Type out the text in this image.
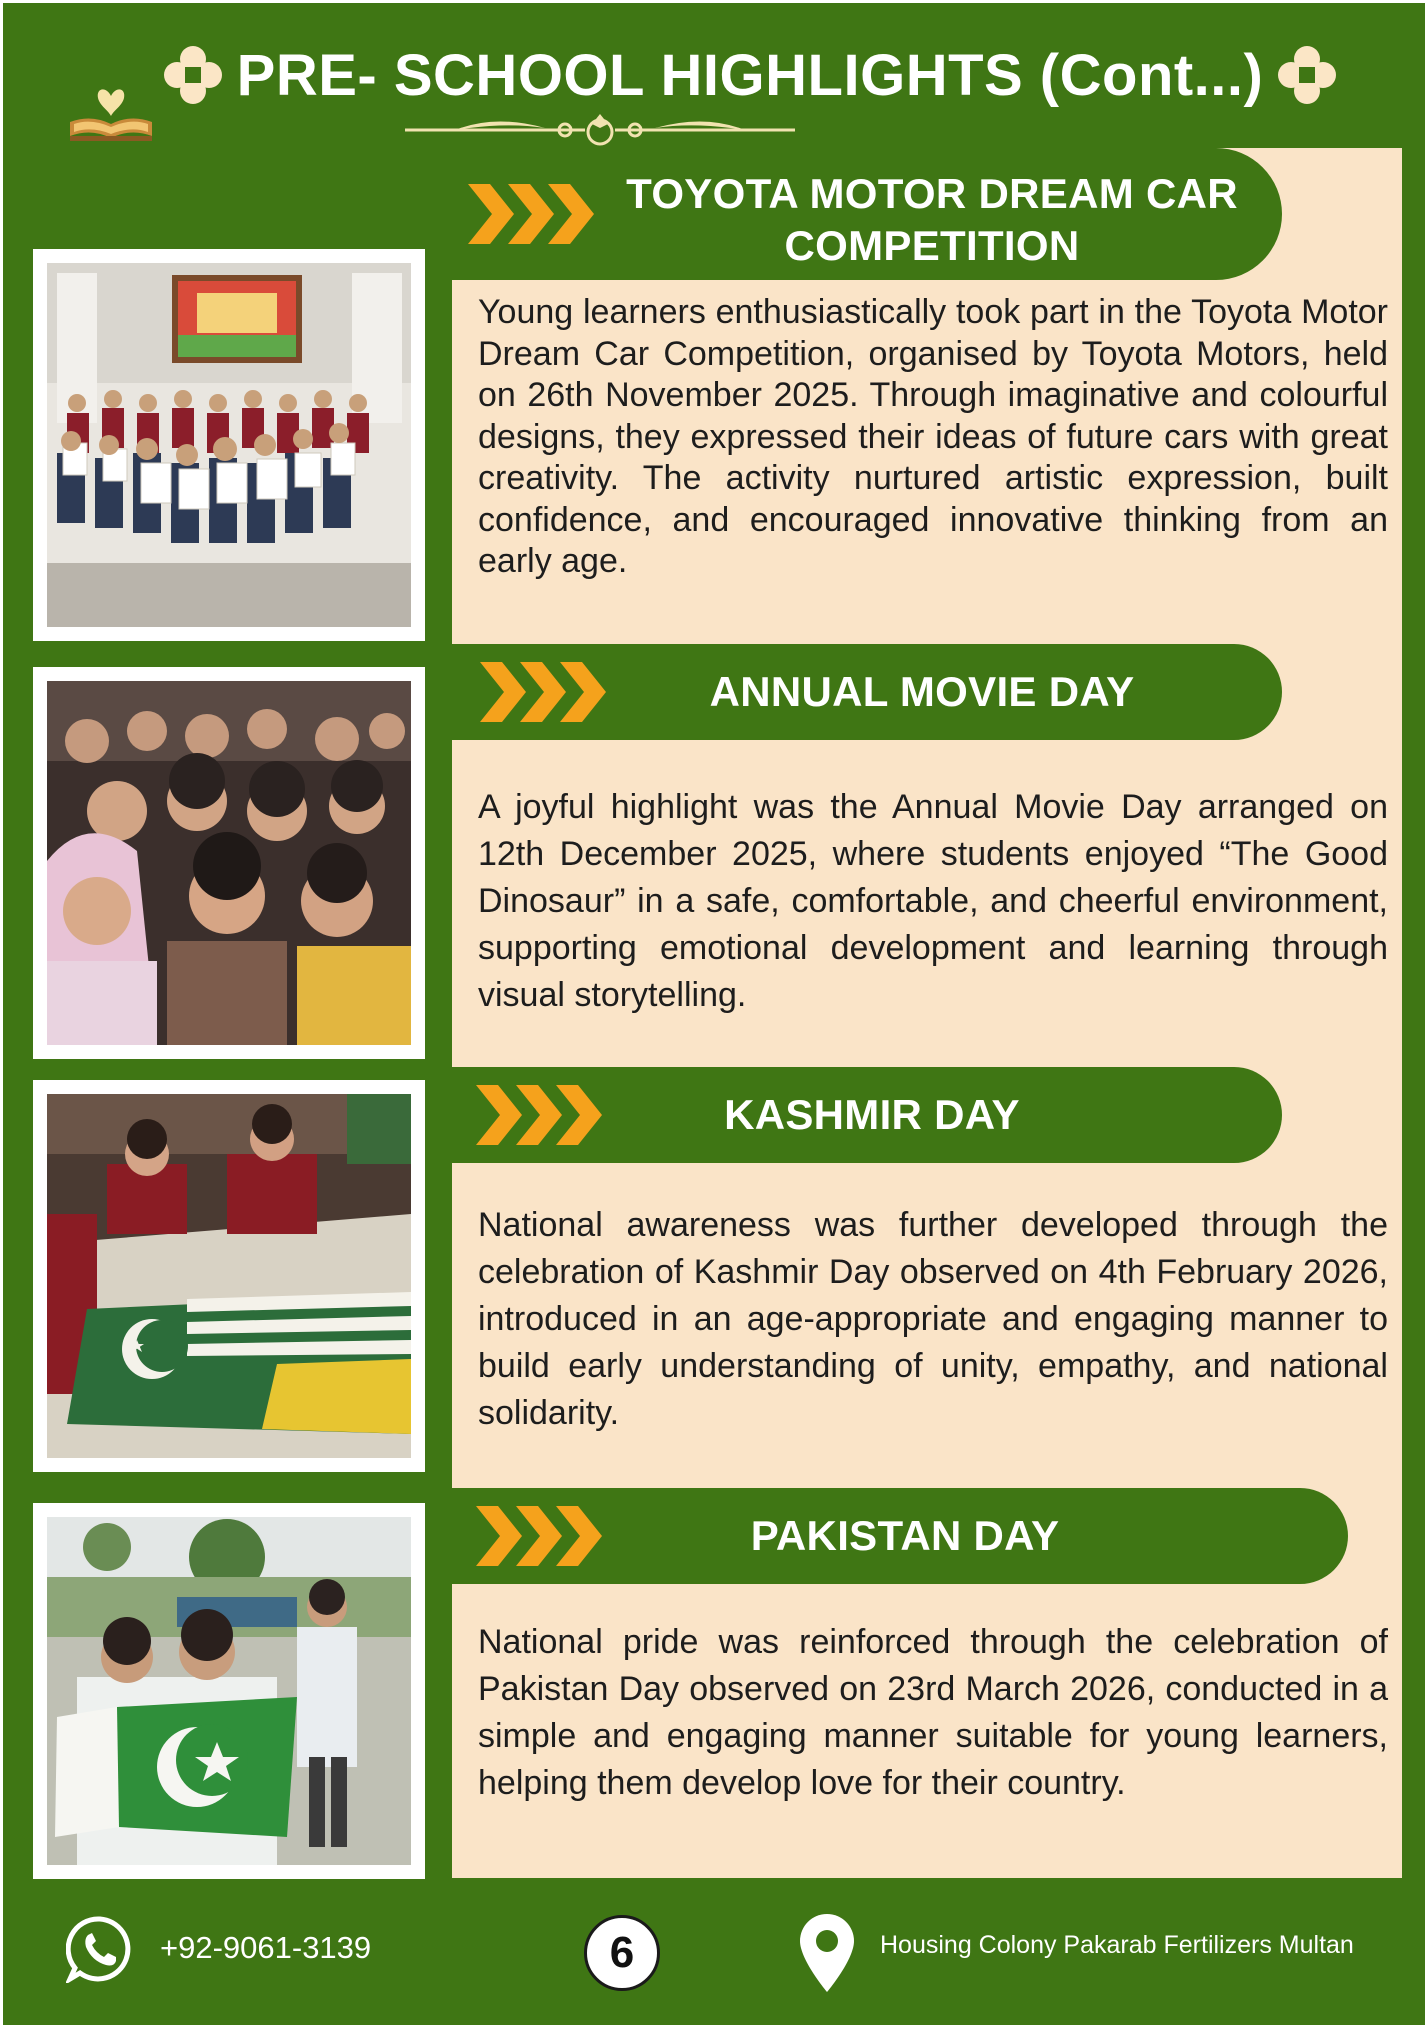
PRE- SCHOOL HIGHLIGHTS (Cont...)
TOYOTA MOTOR DREAM CAR
COMPETITION

Young learners enthusiastically took part in the Toyota Motor Dream Car Competition, organised by Toyota Motors, held on 26th November 2025. Through imaginative and colourful designs, they expressed their ideas of future cars with great creativity. The activity nurtured artistic expression, built confidence, and encouraged innovative thinking from an early age.

ANNUAL MOVIE DAY

A joyful highlight was the Annual Movie Day arranged on 12th December 2025, where students enjoyed “The Good Dinosaur” in a safe, comfortable, and cheerful environment, supporting emotional development and learning through visual storytelling.

KASHMIR DAY

National awareness was further developed through the celebration of Kashmir Day observed on 4th February 2026, introduced in an age-appropriate and engaging manner to build early understanding of unity, empathy, and national solidarity.

PAKISTAN DAY

National pride was reinforced through the celebration of Pakistan Day observed on 23rd March 2026, conducted in a simple and engaging manner suitable for young learners, helping them develop love for their country.

+92-9061-3139	6	Housing Colony Pakarab Fertilizers Multan
